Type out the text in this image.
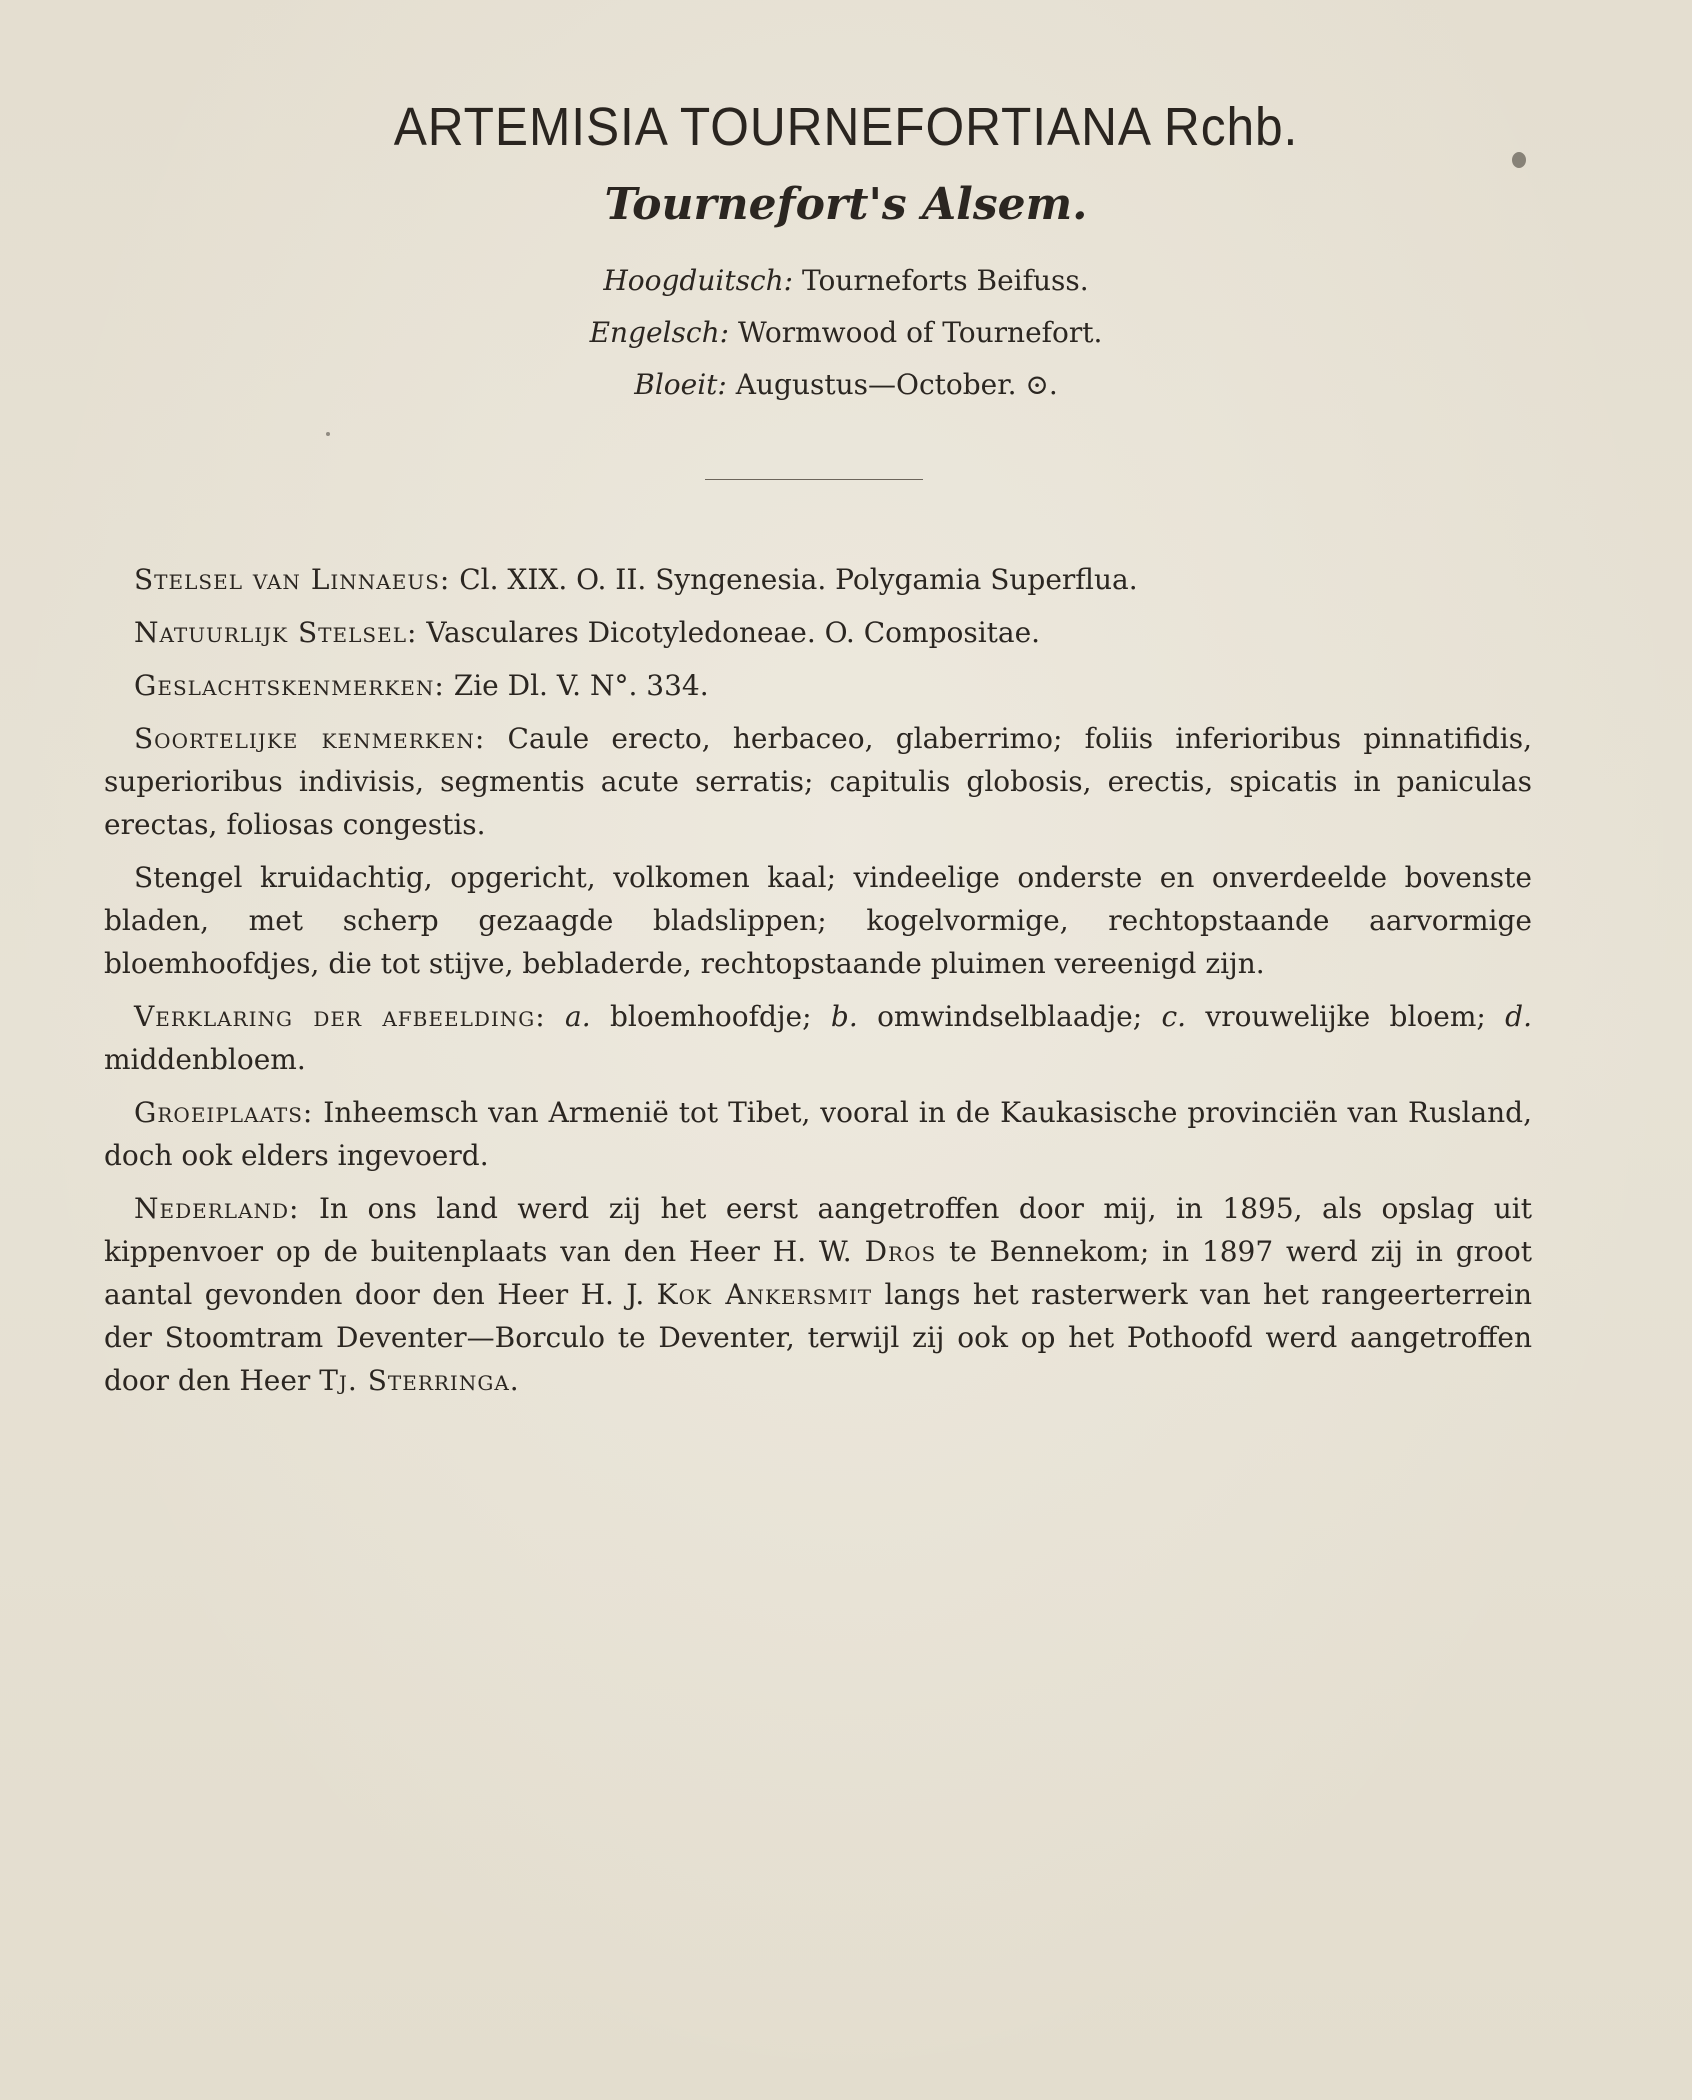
ARTEMISIA TOURNEFORTIANA Rchb.
Tournefort's Alsem.
Hoogduitsch: Tourneforts Beifuss.
Engelsch: Wormwood of Tournefort.
Bloeit: Augustus—October. ⊙.

Stelsel van Linnaeus: Cl. XIX. O. II. Syngenesia. Polygamia Superflua.

Natuurlijk Stelsel: Vasculares Dicotyledoneae. O. Compositae.

Geslachtskenmerken: Zie Dl. V. N°. 334.

Soortelijke kenmerken: Caule erecto, herbaceo, glaberrimo; foliis inferioribus pinnatifidis, superioribus indivisis, segmentis acute serratis; capitulis globosis, erectis, spicatis in paniculas erectas, foliosas congestis.

Stengel kruidachtig, opgericht, volkomen kaal; vindeelige onderste en onverdeelde bovenste bladen, met scherp gezaagde bladslippen; kogelvormige, rechtopstaande aarvormige bloemhoofdjes, die tot stijve, bebladerde, rechtopstaande pluimen vereenigd zijn.

Verklaring der afbeelding: a. bloemhoofdje; b. omwindselblaadje; c. vrouwelijke bloem; d. middenbloem.

Groeiplaats: Inheemsch van Armenië tot Tibet, vooral in de Kaukasische provinciën van Rusland, doch ook elders ingevoerd.

Nederland: In ons land werd zij het eerst aangetroffen door mij, in 1895, als opslag uit kippenvoer op de buitenplaats van den Heer H. W. Dros te Bennekom; in 1897 werd zij in groot aantal gevonden door den Heer H. J. Kok Ankersmit langs het rasterwerk van het rangeerterrein der Stoomtram Deventer—Borculo te Deventer, terwijl zij ook op het Pothoofd werd aangetroffen door den Heer Tj. Sterringa.
